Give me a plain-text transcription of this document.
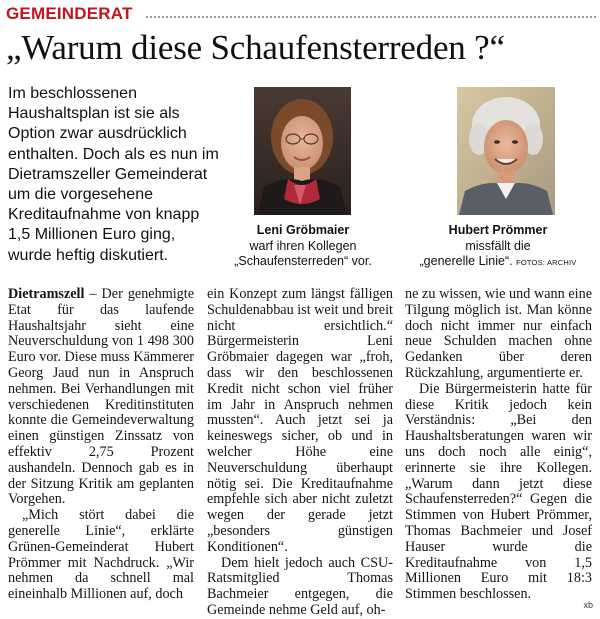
GEMEINDERAT
„Warum diese Schaufensterreden ?“
Im beschlossenen Haushaltsplan ist sie als Option zwar ausdrücklich enthalten. Doch als es nun im Dietramszeller Gemeinderat um die vorgesehene Kreditaufnahme von knapp 1,5 Millionen Euro ging, wurde heftig diskutiert.
Leni Gröbmaier
warf ihren Kollegen
„Schaufensterreden“ vor.
Hubert Prömmer
missfällt die
„generelle Linie“. FOTOS: ARCHIV

Dietramszell – Der genehmigte Etat für das laufende Haushaltsjahr sieht eine Neuverschuldung von 1 498 300 Euro vor. Diese muss Kämmerer Georg Jaud nun in Anspruch nehmen. Bei Verhandlungen mit verschiedenen Kreditinstituten konnte die Gemeindeverwaltung einen günstigen Zinssatz von effektiv 2,75 Prozent aushandeln. Dennoch gab es in der Sitzung Kritik am geplanten Vorgehen.

„Mich stört dabei die generelle Linie“, erklärte Grünen-Gemeinderat Hubert Prömmer mit Nachdruck. „Wir nehmen da schnell mal eineinhalb Millionen auf, doch

ein Konzept zum längst fälligen Schuldenabbau ist weit und breit nicht ersichtlich.“ Bürgermeisterin Leni Gröbmaier dagegen war „froh, dass wir den beschlossenen Kredit nicht schon viel früher im Jahr in Anspruch nehmen mussten“. Auch jetzt sei ja keineswegs sicher, ob und in welcher Höhe eine Neuverschuldung überhaupt nötig sei. Die Kreditaufnahme empfehle sich aber nicht zuletzt wegen der gerade jetzt „besonders günstigen Konditionen“.

Dem hielt jedoch auch CSU-Ratsmitglied Thomas Bachmeier entgegen, die Gemeinde nehme Geld auf, oh-

ne zu wissen, wie und wann eine Tilgung möglich ist. Man könne doch nicht immer nur einfach neue Schulden machen ohne Gedanken über deren Rückzahlung, argumentierte er.

Die Bürgermeisterin hatte für diese Kritik jedoch kein Verständnis: „Bei den Haushaltsberatungen waren wir uns doch noch alle einig“, erinnerte sie ihre Kollegen. „Warum dann jetzt diese Schaufensterreden?“ Gegen die Stimmen von Hubert Prömmer, Thomas Bachmeier und Josef Hauser wurde die Kreditaufnahme von 1,5 Millionen Euro mit 18:3 Stimmen beschlossen.

xb
